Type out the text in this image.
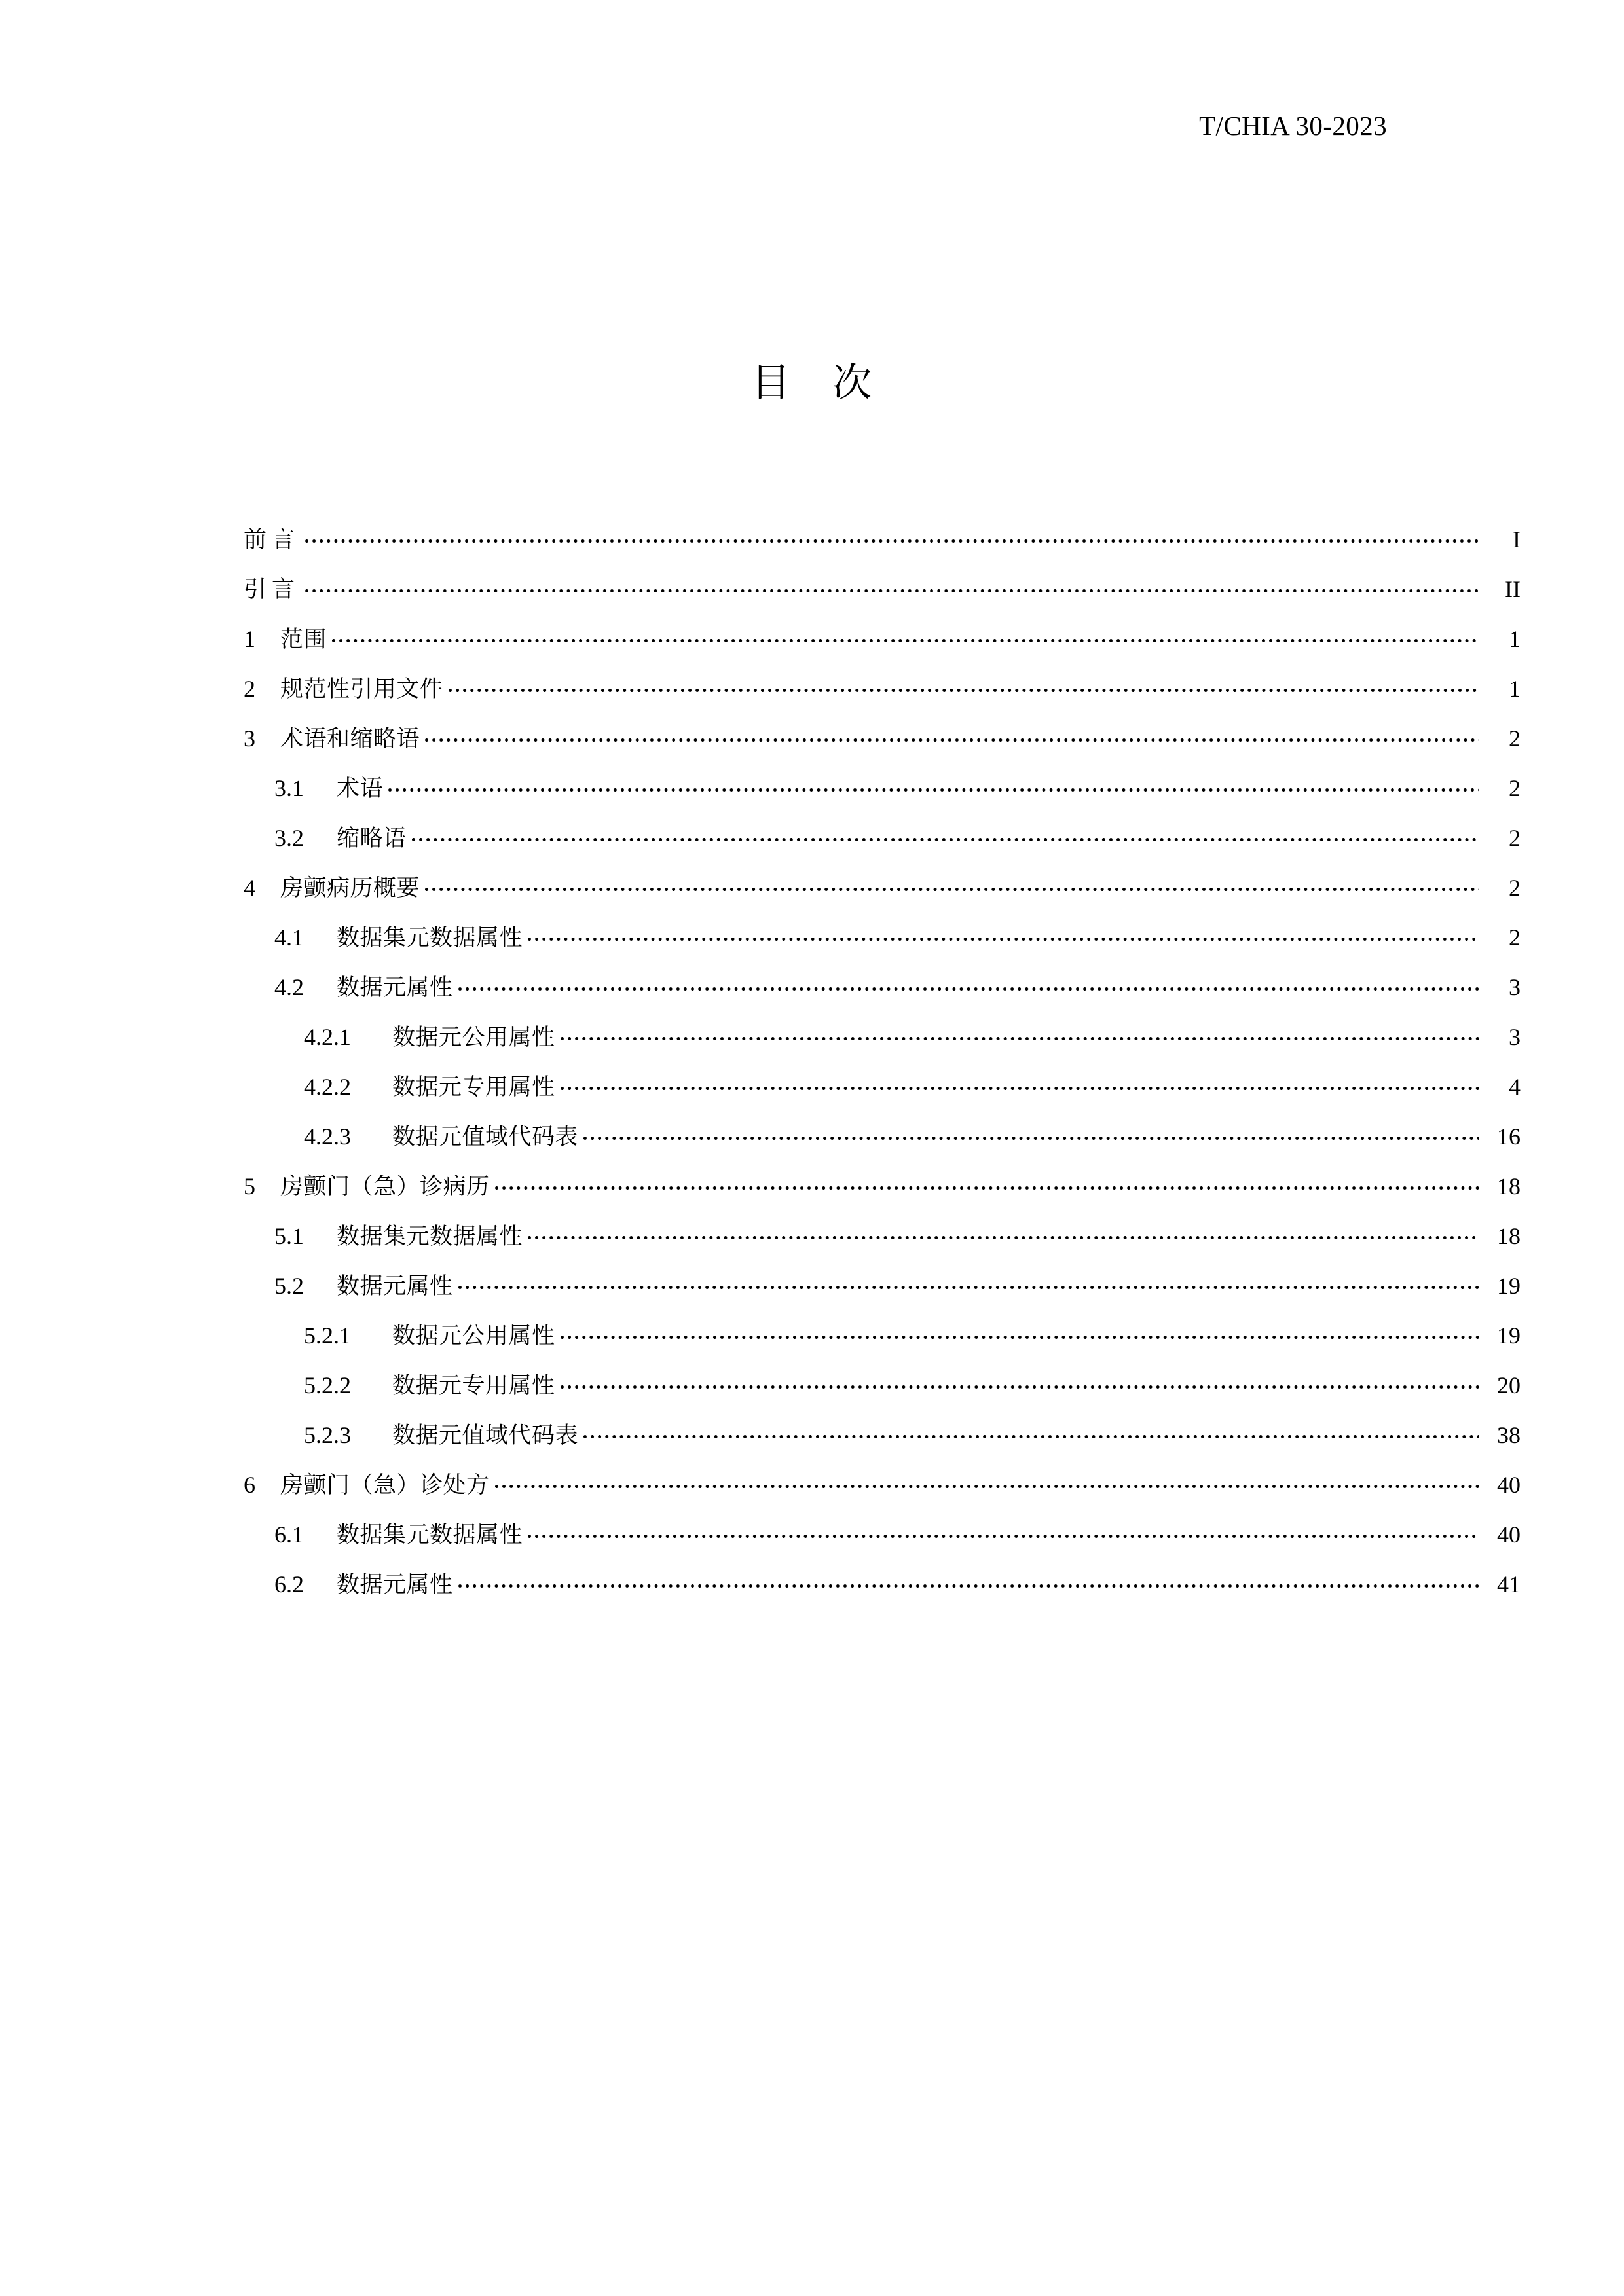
T/CHIA 30-2023
目　次
前言	I
引言	II
1	范围	1
2	规范性引用文件	1
3	术语和缩略语	2
3.1	术语	2
3.2	缩略语	2
4	房颤病历概要	2
4.1	数据集元数据属性	2
4.2	数据元属性	3
4.2.1	数据元公用属性	3
4.2.2	数据元专用属性	4
4.2.3	数据元值域代码表	16
5	房颤门（急）诊病历	18
5.1	数据集元数据属性	18
5.2	数据元属性	19
5.2.1	数据元公用属性	19
5.2.2	数据元专用属性	20
5.2.3	数据元值域代码表	38
6	房颤门（急）诊处方	40
6.1	数据集元数据属性	40
6.2	数据元属性	41
